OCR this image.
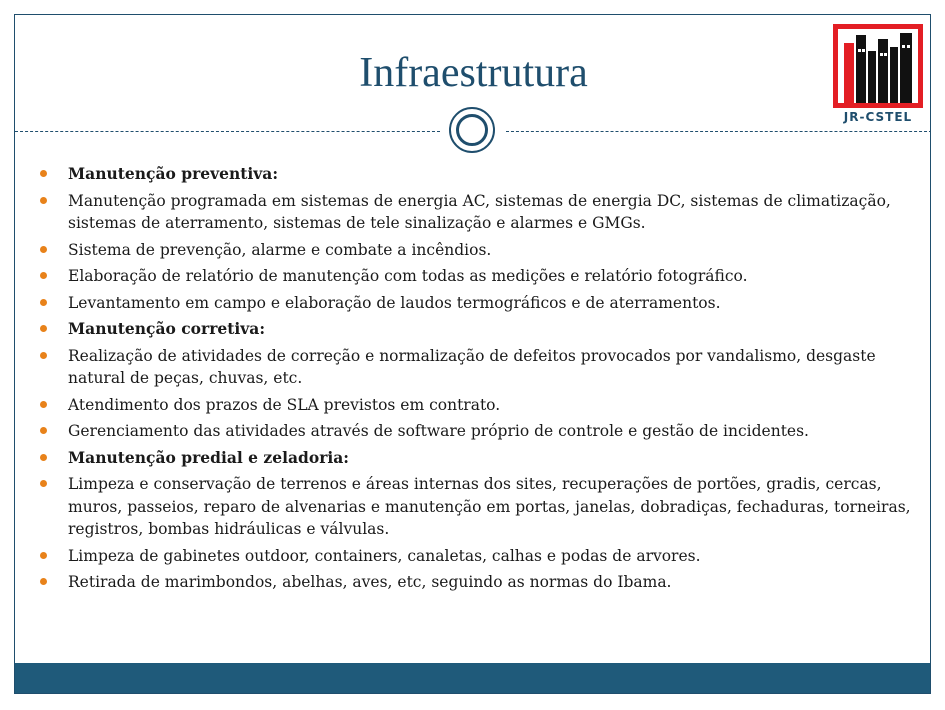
Infraestrutura
JR-CSTEL
Manutenção preventiva:
Manutenção programada em sistemas de energia AC, sistemas de energia DC, sistemas de climatização, sistemas de aterramento, sistemas de tele sinalização e alarmes e GMGs.
Sistema de prevenção, alarme e combate a incêndios.
Elaboração de relatório de manutenção com todas as medições e relatório fotográfico.
Levantamento em campo e elaboração de laudos termográficos e de aterramentos.
Manutenção corretiva:
Realização de atividades de correção e normalização de defeitos provocados por vandalismo, desgaste natural de peças, chuvas, etc.
Atendimento dos prazos de SLA previstos em contrato.
Gerenciamento das atividades através de software próprio de controle e gestão de incidentes.
Manutenção predial e zeladoria:
Limpeza e conservação de terrenos e áreas internas dos sites, recuperações de portões, gradis, cercas, muros, passeios, reparo de alvenarias e manutenção em portas, janelas, dobradiças, fechaduras, torneiras, registros, bombas hidráulicas e válvulas.
Limpeza de gabinetes outdoor, containers, canaletas, calhas e podas de arvores.
Retirada de marimbondos, abelhas, aves, etc, seguindo as normas do Ibama.
